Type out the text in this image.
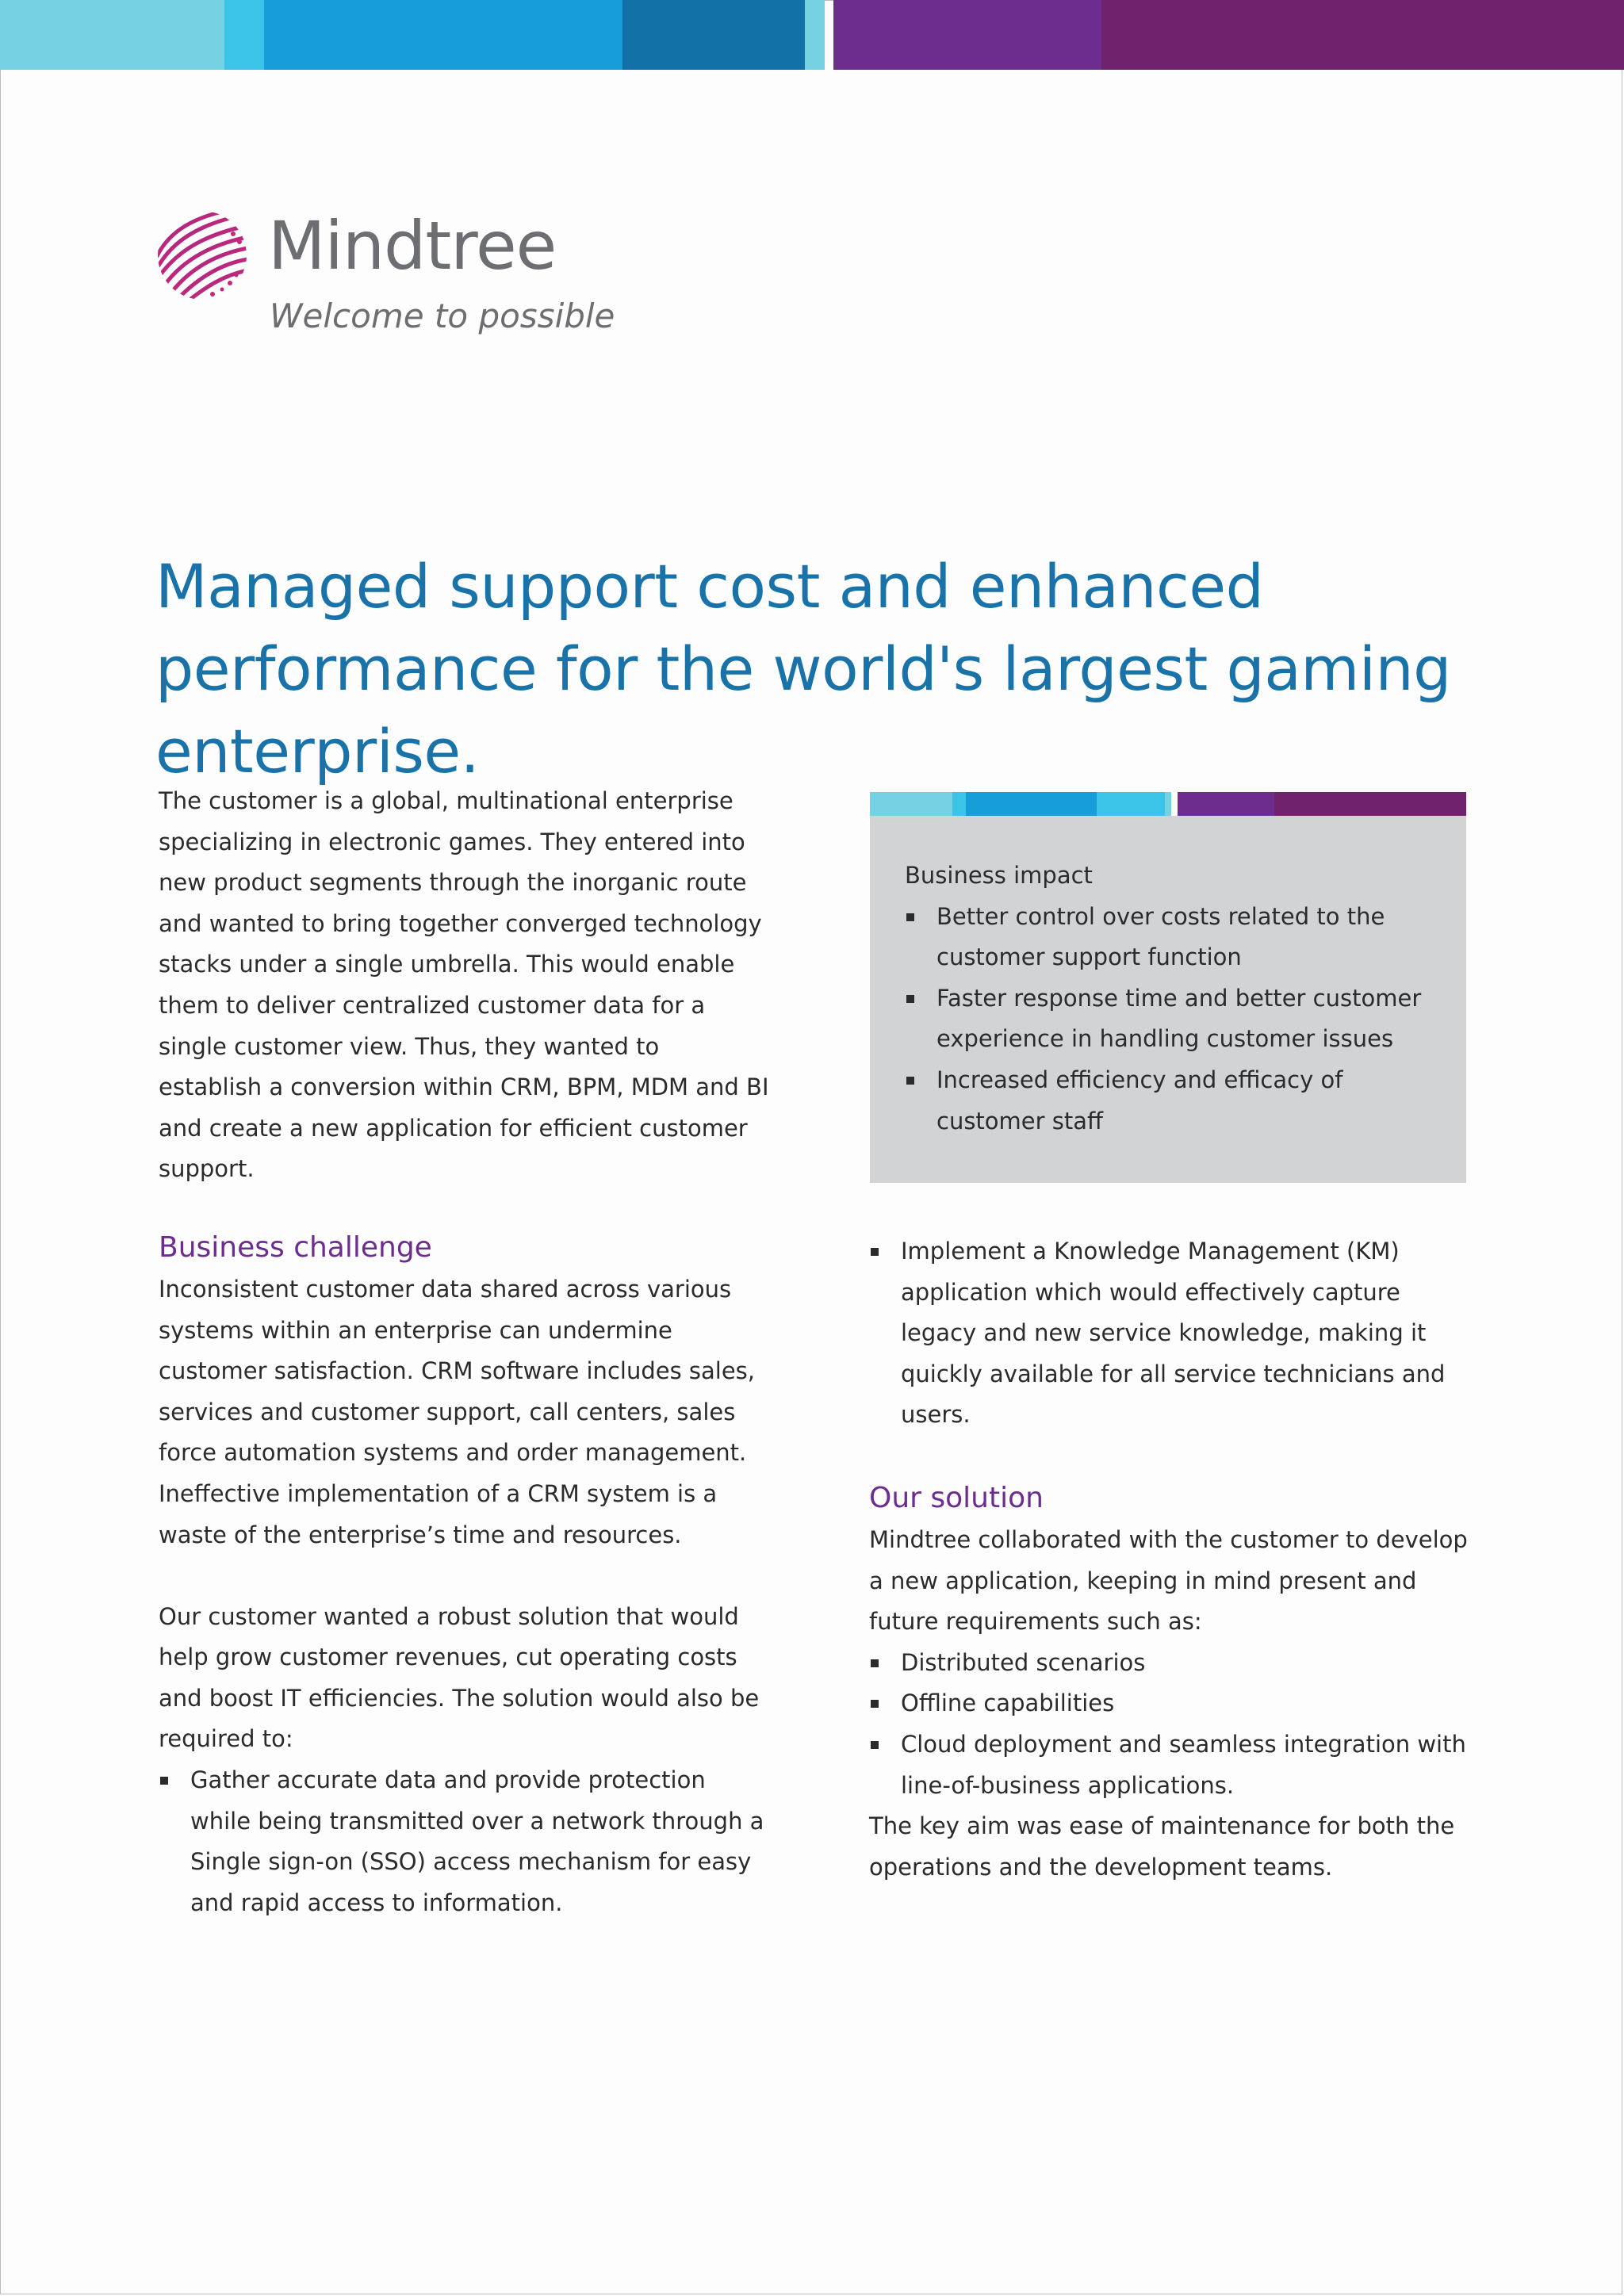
Mindtree
Welcome to possible
Managed support cost and enhanced performance for the world's largest gaming enterprise.

The customer is a global, multinational enterprise specializing in electronic games. They entered into new product segments through the inorganic route and wanted to bring together converged technology stacks under a single umbrella. This would enable them to deliver centralized customer data for a single customer view. Thus, they wanted to establish a conversion within CRM, BPM, MDM and BI and create a new application for efficient customer support.

Business challenge

Inconsistent customer data shared across various systems within an enterprise can undermine customer satisfaction. CRM software includes sales, services and customer support, call centers, sales force automation systems and order management. Ineffective implementation of a CRM system is a waste of the enterprise’s time and resources.

Our customer wanted a robust solution that would help grow customer revenues, cut operating costs and boost IT efficiencies. The solution would also be required to:

Gather accurate data and provide protection while being transmitted over a network through a Single sign-on (SSO) access mechanism for easy and rapid access to information.
Business impact
Better control over costs related to the customer support function
Faster response time and better customer experience in handling customer issues
Increased efficiency and efficacy of customer staff
Implement a Knowledge Management (KM) application which would effectively capture legacy and new service knowledge, making it quickly available for all service technicians and users.
Our solution

Mindtree collaborated with the customer to develop a new application, keeping in mind present and future requirements such as:

Distributed scenarios
Offline capabilities
Cloud deployment and seamless integration with line-of-business applications.

The key aim was ease of maintenance for both the operations and the development teams.
